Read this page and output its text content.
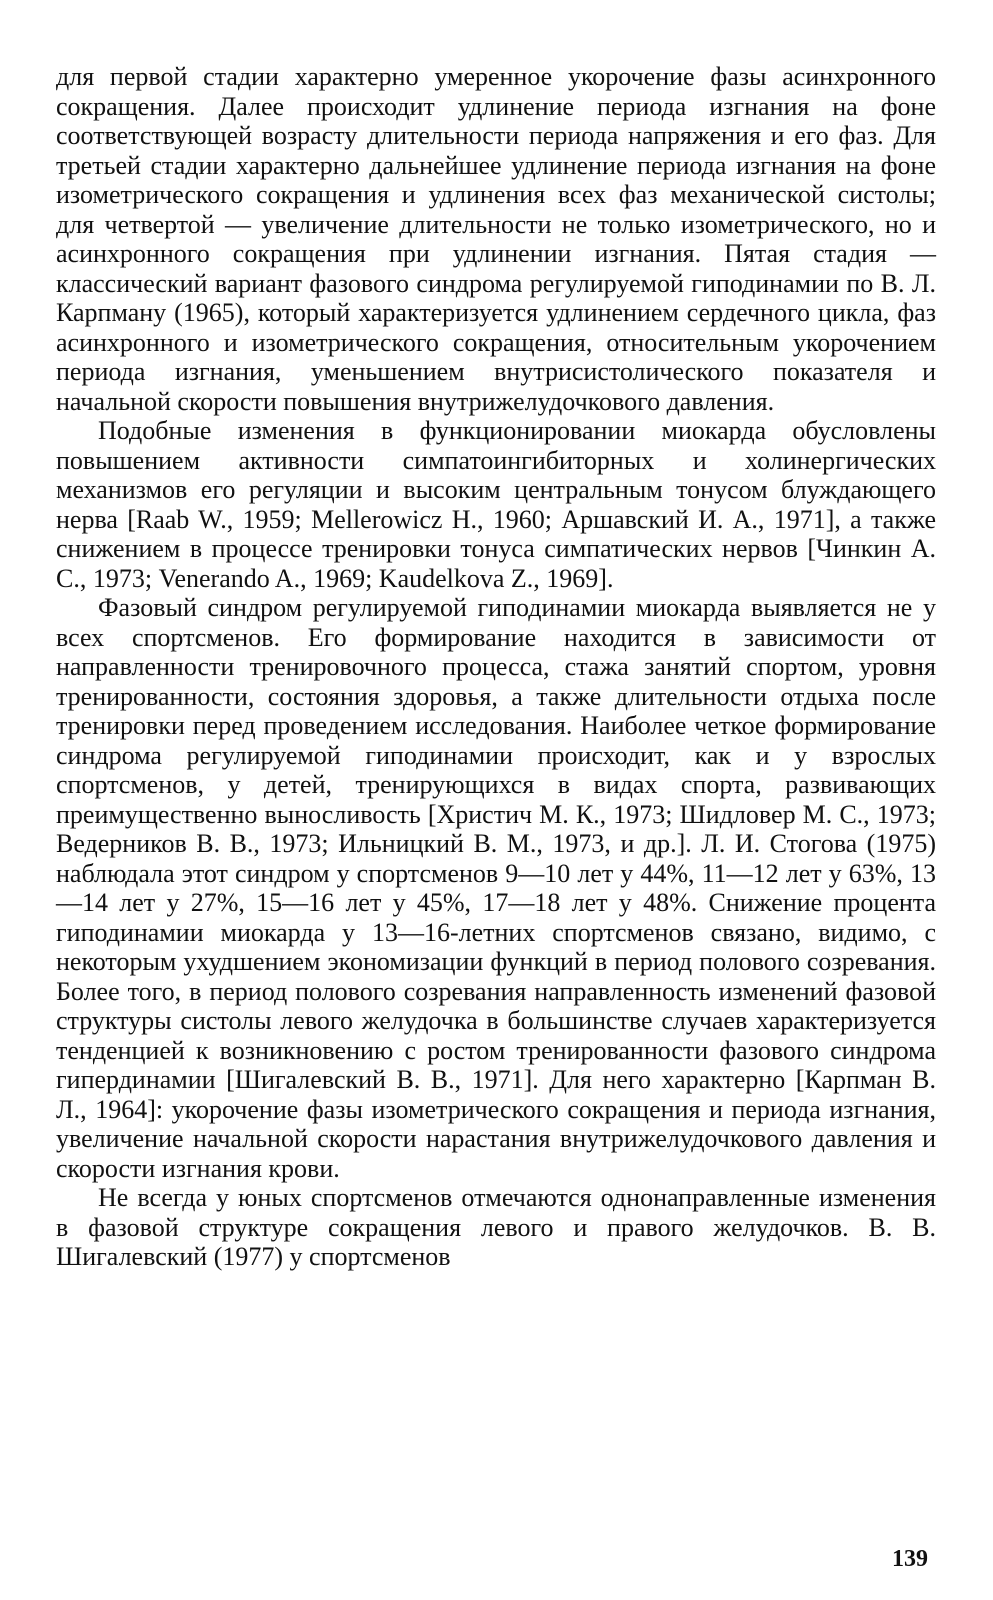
для первой стадии характерно умеренное укорочение фазы асинхронного сокращения. Далее происходит удлинение периода изгнания на фоне соответствующей возрасту длительности периода напряжения и его фаз. Для третьей стадии характерно дальнейшее удлинение периода изгнания на фоне изометрического сокращения и удлинения всех фаз механической систолы; для четвертой — увеличение длительности не только изометрического, но и асинхронного сокращения при удлинении изгнания. Пятая стадия — классический вариант фазового синдрома регулируемой гиподинамии по В. Л. Карпману (1965), который характеризуется удлинением сердечного цикла, фаз асинхронного и изометрического сокращения, относительным укорочением периода изгнания, уменьшением внутрисистолического показателя и начальной скорости повышения внутрижелудочкового давления.

Подобные изменения в функционировании миокарда обусловлены повышением активности симпатоингибиторных и холинергических механизмов его регуляции и высоким центральным тонусом блуждающего нерва [Raab W., 1959; Mellerowicz H., 1960; Аршавский И. А., 1971], а также снижением в процессе тренировки тонуса симпатических нервов [Чинкин А. С., 1973; Venerando A., 1969; Kaudelkova Z., 1969].

Фазовый синдром регулируемой гиподинамии миокарда выявляется не у всех спортсменов. Его формирование находится в зависимости от направленности тренировочного процесса, стажа занятий спортом, уровня тренированности, состояния здоровья, а также длительности отдыха после тренировки перед проведением исследования. Наиболее четкое формирование синдрома регулируемой гиподинамии происходит, как и у взрослых спортсменов, у детей, тренирующихся в видах спорта, развивающих преимущественно выносливость [Христич М. К., 1973; Шидловер М. С., 1973; Ведерников В. В., 1973; Ильницкий В. М., 1973, и др.]. Л. И. Стогова (1975) наблюдала этот синдром у спортсменов 9—10 лет у 44%, 11—12 лет у 63%, 13—14 лет у 27%, 15—16 лет у 45%, 17—18 лет у 48%. Снижение процента гиподинамии миокарда у 13—16-летних спортсменов связано, видимо, с некоторым ухудшением экономизации функций в период полового созревания. Более того, в период полового созревания направленность изменений фазовой структуры систолы левого желудочка в большинстве случаев характеризуется тенденцией к возникновению с ростом тренированности фазового синдрома гипердинамии [Шигалевский В. В., 1971]. Для него характерно [Карпман В. Л., 1964]: укорочение фазы изометрического сокращения и периода изгнания, увеличение начальной скорости нарастания внутрижелудочкового давления и скорости изгнания крови.

Не всегда у юных спортсменов отмечаются однонаправленные изменения в фазовой структуре сокращения левого и правого желудочков. В. В. Шигалевский (1977) у спортсменов

139
